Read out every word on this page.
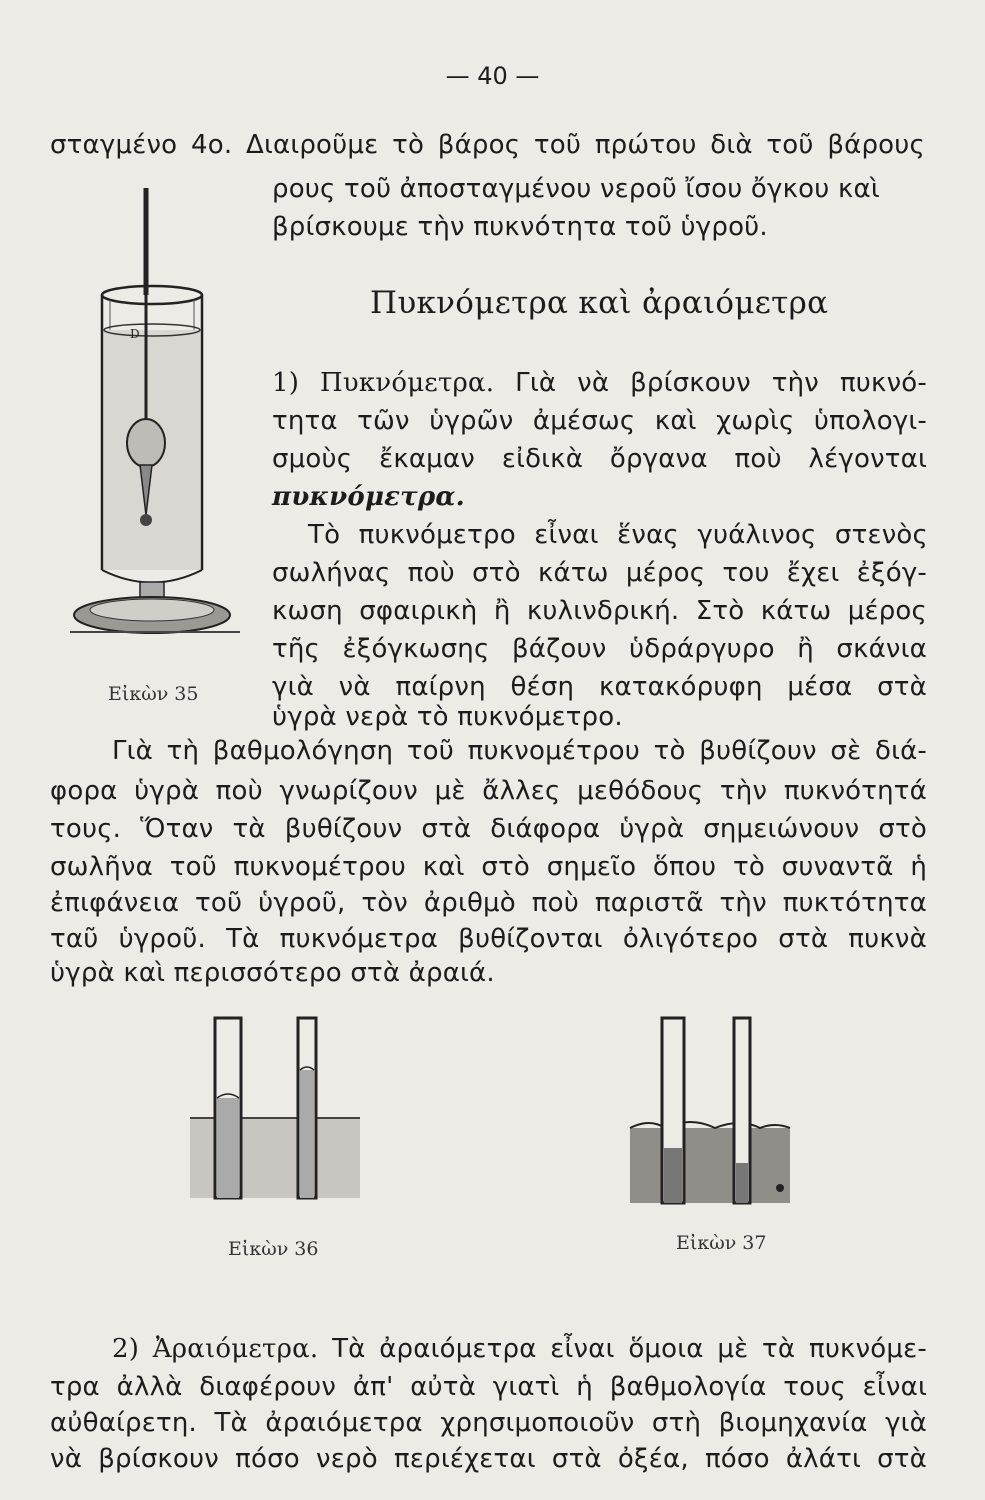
— 40 —
σταγμένο 4ο. Διαιροῦμε τὸ βάρος τοῦ πρώτου διὰ τοῦ βάρους
ρους τοῦ ἀποσταγμένου νεροῦ ἴσου ὄγκου καὶ
βρίσκουμε τὴν πυκνότητα τοῦ ὑγροῦ.
Πυκνόμετρα καὶ ἀραιόμετρα
1) Πυκνόμετρα. Γιὰ νὰ βρίσκουν τὴν πυκνό-
τητα τῶν ὑγρῶν ἀμέσως καὶ χωρὶς ὑπολογι-
σμοὺς ἔκαμαν εἰδικὰ ὄργανα ποὺ λέγονται
πυκνόμετρα.
Τὸ πυκνόμετρο εἶναι ἕνας γυάλινος στενὸς
σωλήνας ποὺ στὸ κάτω μέρος του ἔχει ἐξόγ-
κωση σφαιρικὴ ἢ κυλινδρική. Στὸ κάτω μέρος
τῆς ἐξόγκωσης βάζουν ὑδράργυρο ἢ σκάνια
γιὰ νὰ παίρνη θέση κατακόρυφη μέσα στὰ
ὑγρὰ νερὰ τὸ πυκνόμετρο.
Γιὰ τὴ βαθμολόγηση τοῦ πυκνομέτρου τὸ βυθίζουν σὲ διά-
φορα ὑγρὰ ποὺ γνωρίζουν μὲ ἄλλες μεθόδους τὴν πυκνότητά
τους. Ὅταν τὰ βυθίζουν στὰ διάφορα ὑγρὰ σημειώνουν στὸ
σωλῆνα τοῦ πυκνομέτρου καὶ στὸ σημεῖο ὅπου τὸ συναντᾶ ἡ
ἐπιφάνεια τοῦ ὑγροῦ, τὸν ἀριθμὸ ποὺ παριστᾶ τὴν πυκτότητα
ταῦ ὑγροῦ. Τὰ πυκνόμετρα βυθίζονται ὀλιγότερο στὰ πυκνὰ
ὑγρὰ καὶ περισσότερο στὰ ἀραιά.
2) Ἀραιόμετρα. Τὰ ἀραιόμετρα εἶναι ὅμοια μὲ τὰ πυκνόμε-
τρα ἀλλὰ διαφέρουν ἀπ' αὐτὰ γιατὶ ἡ βαθμολογία τους εἶναι
αὐθαίρετη. Τὰ ἀραιόμετρα χρησιμοποιοῦν στὴ βιομηχανία γιὰ
νὰ βρίσκουν πόσο νερὸ περιέχεται στὰ ὀξέα, πόσο ἀλάτι στὰ
D
Εἰκὼν 35
Εἰκὼν 36	Εἰκὼν 37
